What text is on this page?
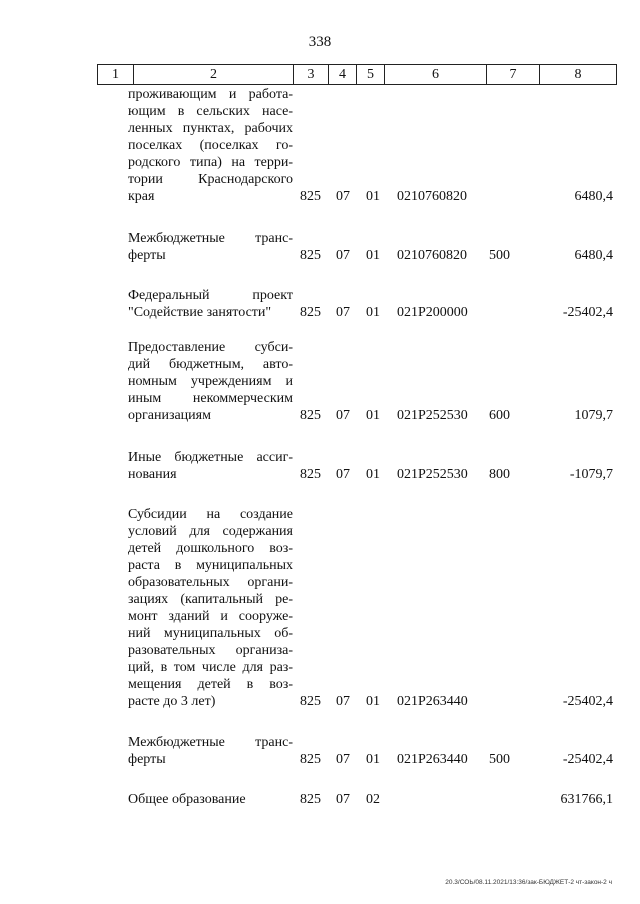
338
1	2	3	4	5	6	7	8
проживающим и работа-
ющим в сельских насе-
ленных пунктах, рабочих
поселках (поселках го-
родского типа) на терри-
тории Краснодарского
края	825 07 01 0210760820	6480,4
Межбюджетные транс-
ферты	825 07 01 0210760820 500	6480,4
Федеральный проект
"Содействие занятости"	825 07 01 021P200000	-25402,4
Предоставление субси-
дий бюджетным, авто-
номным учреждениям и
иным некоммерческим
организациям	825 07 01 021P252530 600	1079,7
Иные бюджетные ассиг-
нования	825 07 01 021P252530 800	-1079,7
Субсидии на создание
условий для содержания
детей дошкольного воз-
раста в муниципальных
образовательных органи-
зациях (капитальный ре-
монт зданий и сооруже-
ний муниципальных об-
разовательных организа-
ций, в том числе для раз-
мещения детей в воз-
расте до 3 лет)	825 07 01 021P263440	-25402,4
Межбюджетные транс-
ферты	825 07 01 021P263440 500	-25402,4
Общее образование	825 07 02	631766,1
20.3/СОЬ/08.11.2021/13:36/зак-БЮДЖЕТ-2 чт-закон-2 ч
